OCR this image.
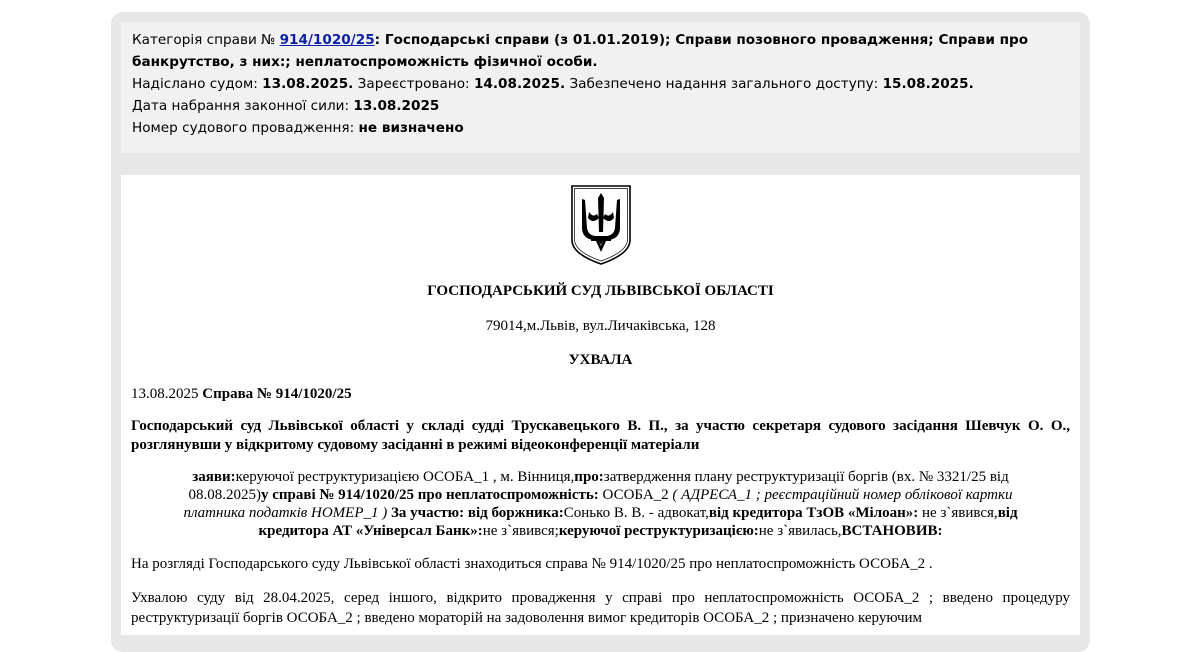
Категорія справи № 914/1020/25: Господарські справи (з 01.01.2019); Справи позовного провадження; Справи про банкрутство, з них:; неплатоспроможність фізичної особи.

Надіслано судом: 13.08.2025. Зареєстровано: 14.08.2025. Забезпечено надання загального доступу: 15.08.2025.

Дата набрання законної сили: 13.08.2025

Номер судового провадження: не визначено

ГОСПОДАРСЬКИЙ СУД ЛЬВІВСЬКОЇ ОБЛАСТІ
79014,м.Львів, вул.Личаківська, 128
УХВАЛА
13.08.2025 Справа № 914/1020/25
Господарський суд Львівської області у складі судді Трускавецького В. П., за участю секретаря судового засідання Шевчук О. О., розглянувши у відкритому судовому засіданні в режимі відеоконференції матеріали
заяви:керуючої реструктуризацією ОСОБА_1 , м. Вінниця,про:затвердження плану реструктуризації боргів (вх. № 3321/25 від 08.08.2025)у справі № 914/1020/25 про неплатоспроможність: ОСОБА_2 ( АДРЕСА_1 ; реєстраційний номер облікової картки платника податків НОМЕР_1 ) За участю: від боржника:Сонько В. В. - адвокат,від кредитора ТзОВ «Мілоан»: не з`явився,від кредитора АТ «Універсал Банк»:не з`явився;керуючої реструктуризацією:не з`явилась,ВСТАНОВИВ:
На розгляді Господарського суду Львівської області знаходиться справа № 914/1020/25 про неплатоспроможність ОСОБА_2 .
Ухвалою суду від 28.04.2025, серед іншого, відкрито провадження у справі про неплатоспроможність ОСОБА_2 ; введено процедуру реструктуризації боргів ОСОБА_2 ; введено мораторій на задоволення вимог кредиторів ОСОБА_2 ; призначено керуючим
